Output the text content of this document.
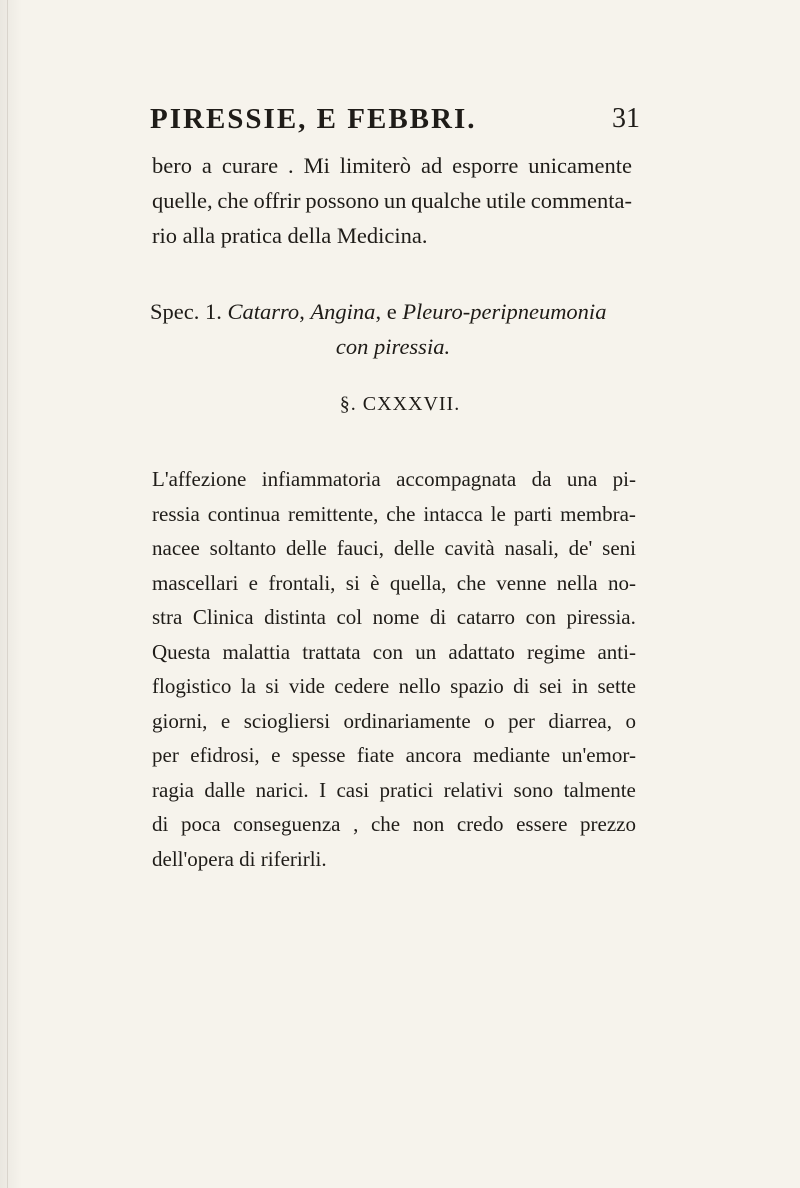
PIRESSIE, E FEBBRI.	31
bero a curare . Mi limiterò ad esporre unicamente
quelle, che offrir possono un qualche utile commenta-
rio alla pratica della Medicina.
Spec. 1. Catarro, Angina, e Pleuro-peripneumonia
con piressia.
§. CXXXVII.
L'affezione infiammatoria accompagnata da una pi-
ressia continua remittente, che intacca le parti membra-
nacee soltanto delle fauci, delle cavità nasali, de' seni
mascellari e frontali, si è quella, che venne nella no-
stra Clinica distinta col nome di catarro con piressia.
Questa malattia trattata con un adattato regime anti-
flogistico la si vide cedere nello spazio di sei in sette
giorni, e sciogliersi ordinariamente o per diarrea, o
per efidrosi, e spesse fiate ancora mediante un'emor-
ragia dalle narici. I casi pratici relativi sono talmente
di poca conseguenza , che non credo essere prezzo
dell'opera di riferirli.
